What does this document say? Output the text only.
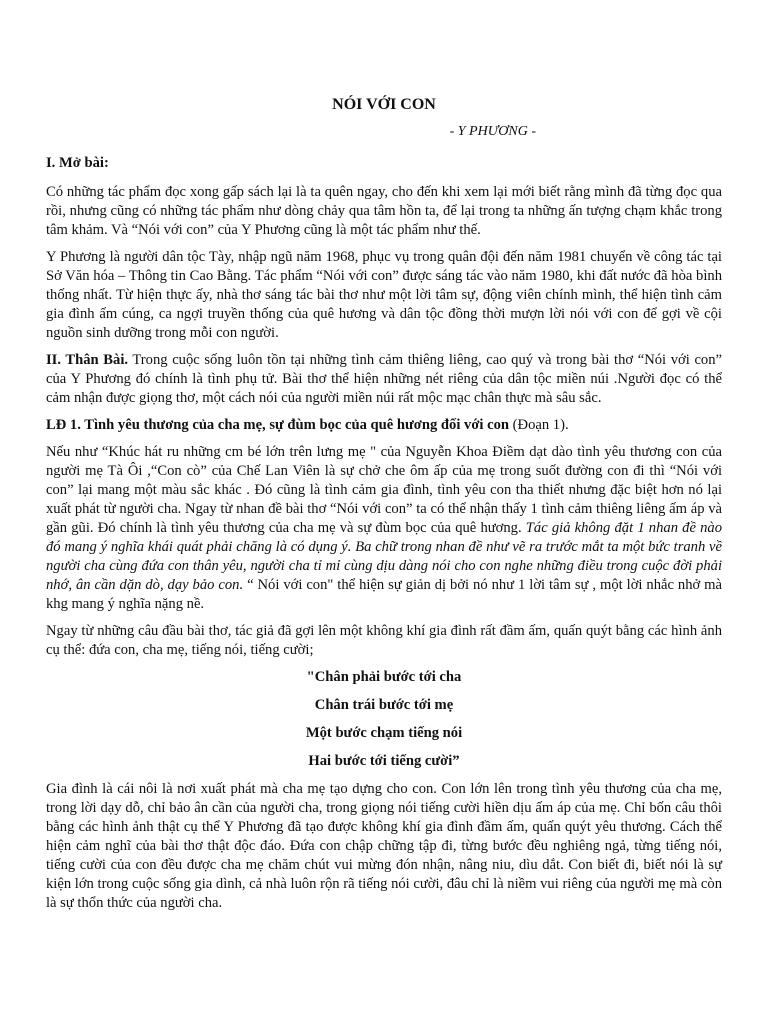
NÓI VỚI CON
- Y PHƯƠNG -

I. Mở bài:

Có những tác phẩm đọc xong gấp sách lại là ta quên ngay, cho đến khi xem lại mới biết rằng mình đã từng đọc qua rồi, nhưng cũng có những tác phẩm như dòng chảy qua tâm hồn ta, để lại trong ta những ấn tượng chạm khắc trong tâm khảm. Và “Nói với con” của Y Phương cũng là một tác phẩm như thế.

Y Phương là người dân tộc Tày, nhập ngũ năm 1968, phục vụ trong quân đội đến năm 1981 chuyển về công tác tại Sở Văn hóa – Thông tin Cao Bằng. Tác phẩm “Nói với con” được sáng tác vào năm 1980, khi đất nước đã hòa bình thống nhất. Từ hiện thực ấy, nhà thơ sáng tác bài thơ như một lời tâm sự, động viên chính mình, thể hiện tình cảm gia đình ấm cúng, ca ngợi truyền thống của quê hương và dân tộc đồng thời mượn lời nói với con để gợi về cội nguồn sinh dưỡng trong mỗi con người.

II. Thân Bài. Trong cuộc sống luôn tồn tại những tình cảm thiêng liêng, cao quý và trong bài thơ “Nói với con” của Y Phương đó chính là tình phụ tử. Bài thơ thể hiện những nét riêng của dân tộc miền núi .Người đọc có thể cảm nhận được giọng thơ, một cách nói của người miền núi rất mộc mạc chân thực mà sâu sắc.

LĐ 1. Tình yêu thương của cha mẹ, sự đùm bọc của quê hương đối với con (Đoạn 1).

Nếu như “Khúc hát ru những cm bé lớn trên lưng mẹ " của Nguyễn Khoa Điềm dạt dào tình yêu thương con của người mẹ Tà Ôi ,“Con cò” của Chế Lan Viên là sự chở che ôm ấp của mẹ trong suốt đường con đi thì “Nói với con” lại mang một màu sắc khác . Đó cũng là tình cảm gia đình, tình yêu con tha thiết nhưng đặc biệt hơn nó lại xuất phát từ người cha. Ngay từ nhan đề bài thơ “Nói với con” ta có thể nhận thấy 1 tình cảm thiêng liêng ấm áp và gần gũi. Đó chính là tình yêu thương của cha mẹ và sự đùm bọc của quê hương. Tác giả không đặt 1 nhan đề nào đó mang ý nghĩa khái quát phải chăng là có dụng ý. Ba chữ trong nhan đề như vẽ ra trước mắt ta một bức tranh về người cha cùng đứa con thân yêu, người cha tỉ mỉ cùng dịu dàng nói cho con nghe những điều trong cuộc đời phải nhớ, ân cần dặn dò, dạy bảo con. “ Nói với con" thể hiện sự giản dị bởi nó như 1 lời tâm sự , một lời nhắc nhở mà khg mang ý nghĩa nặng nề.

Ngay từ những câu đầu bài thơ, tác giả đã gợi lên một không khí gia đình rất đầm ấm, quấn quýt bằng các hình ảnh cụ thể: đứa con, cha mẹ, tiếng nói, tiếng cười;

"Chân phải bước tới cha
Chân trái bước tới mẹ
Một bước chạm tiếng nói
Hai bước tới tiếng cười”

Gia đình là cái nôi là nơi xuất phát mà cha mẹ tạo dựng cho con. Con lớn lên trong tình yêu thương của cha mẹ, trong lời dạy dỗ, chỉ bảo ân cần của người cha, trong giọng nói tiếng cười hiền dịu ấm áp của mẹ. Chỉ bốn câu thôi bằng các hình ảnh thật cụ thể Y Phương đã tạo được không khí gia đình đầm ấm, quấn quýt yêu thương. Cách thể hiện cảm nghĩ của bài thơ thật độc đáo. Đứa con chập chững tập đi, từng bước đều nghiêng ngả, từng tiếng nói, tiếng cười của con đều được cha mẹ chăm chút vui mừng đón nhận, nâng niu, dìu dắt. Con biết đi, biết nói là sự kiện lớn trong cuộc sống gia dình, cả nhà luôn rộn rã tiếng nói cười, đâu chỉ là niềm vui riêng của người mẹ mà còn là sự thổn thức của người cha.
